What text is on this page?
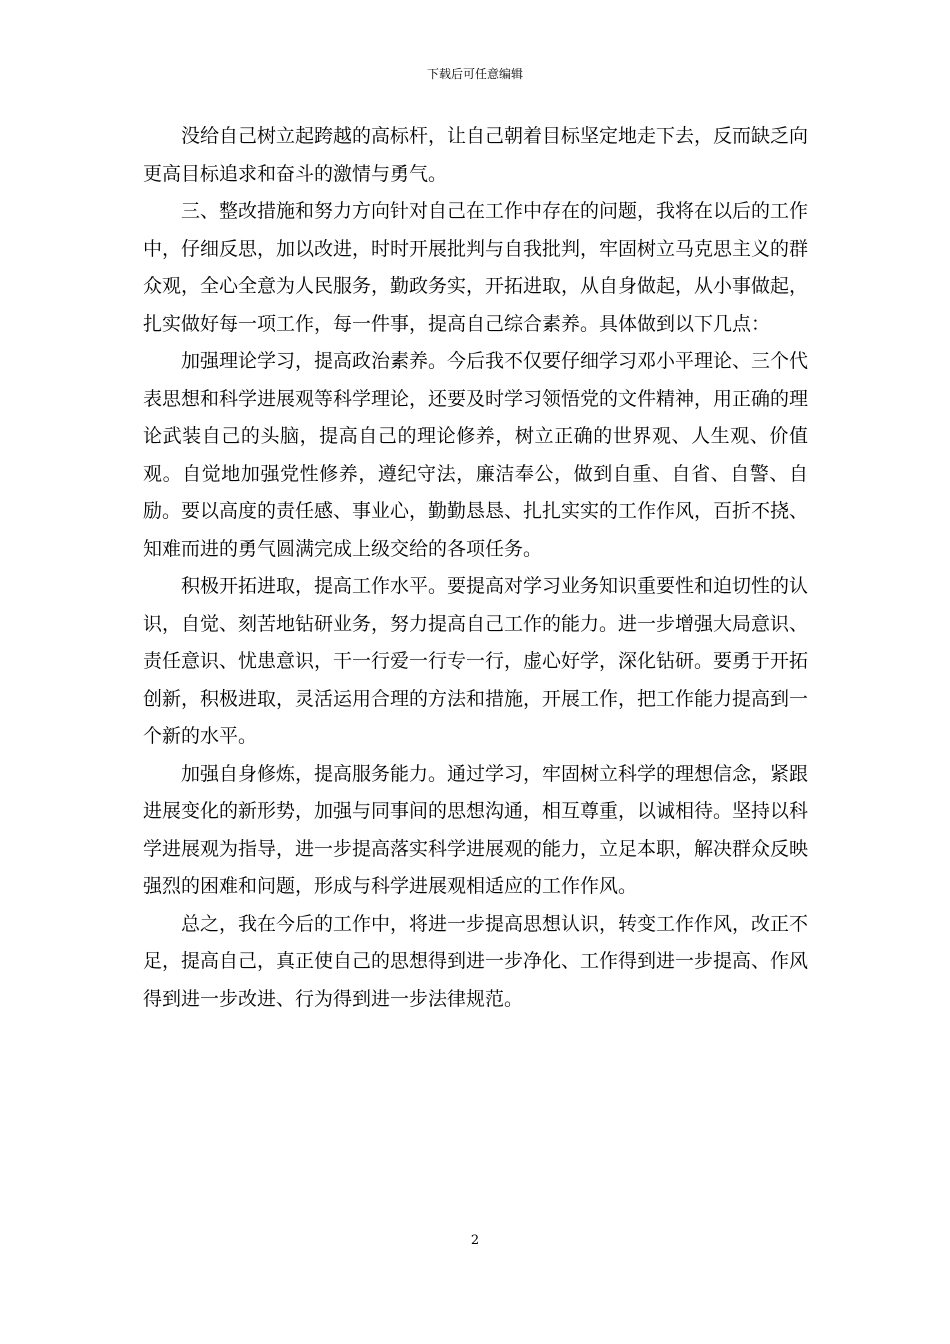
下载后可任意编辑

没给自己树立起跨越的高标杆，让自己朝着目标坚定地走下去，反而缺乏向更高目标追求和奋斗的激情与勇气。

三、整改措施和努力方向针对自己在工作中存在的问题，我将在以后的工作中，仔细反思，加以改进，时时开展批判与自我批判，牢固树立马克思主义的群众观，全心全意为人民服务，勤政务实，开拓进取，从自身做起，从小事做起，扎实做好每一项工作，每一件事，提高自己综合素养。具体做到以下几点：

加强理论学习，提高政治素养。今后我不仅要仔细学习邓小平理论、三个代表思想和科学进展观等科学理论，还要及时学习领悟党的文件精神，用正确的理论武装自己的头脑，提高自己的理论修养，树立正确的世界观、人生观、价值观。自觉地加强党性修养，遵纪守法，廉洁奉公，做到自重、自省、自警、自励。要以高度的责任感、事业心，勤勤恳恳、扎扎实实的工作作风，百折不挠、知难而进的勇气圆满完成上级交给的各项任务。

积极开拓进取，提高工作水平。要提高对学习业务知识重要性和迫切性的认识，自觉、刻苦地钻研业务，努力提高自己工作的能力。进一步增强大局意识、责任意识、忧患意识，干一行爱一行专一行，虚心好学，深化钻研。要勇于开拓创新，积极进取，灵活运用合理的方法和措施，开展工作，把工作能力提高到一个新的水平。

加强自身修炼，提高服务能力。通过学习，牢固树立科学的理想信念，紧跟进展变化的新形势，加强与同事间的思想沟通，相互尊重，以诚相待。坚持以科学进展观为指导，进一步提高落实科学进展观的能力，立足本职，解决群众反映强烈的困难和问题，形成与科学进展观相适应的工作作风。

总之，我在今后的工作中，将进一步提高思想认识，转变工作作风，改正不足，提高自己，真正使自己的思想得到进一步净化、工作得到进一步提高、作风得到进一步改进、行为得到进一步法律规范。

2
